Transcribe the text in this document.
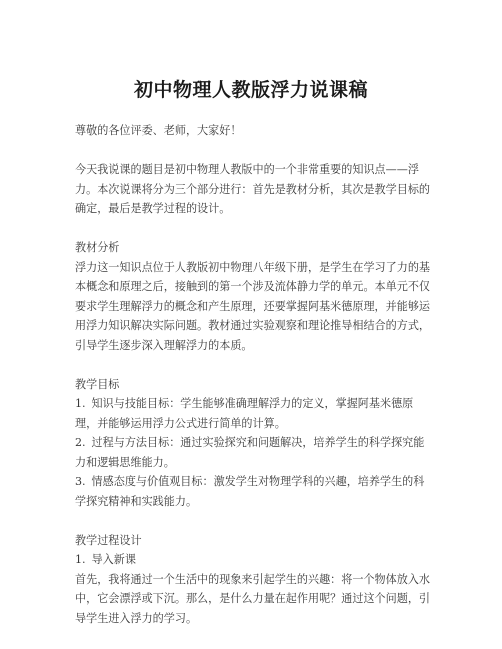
初中物理人教版浮力说课稿

尊敬的各位评委、老师，大家好！

今天我说课的题目是初中物理人教版中的一个非常重要的知识点——浮力。本次说课将分为三个部分进行：首先是教材分析，其次是教学目标的确定，最后是教学过程的设计。

教材分析

浮力这一知识点位于人教版初中物理八年级下册，是学生在学习了力的基本概念和原理之后，接触到的第一个涉及流体静力学的单元。本单元不仅要求学生理解浮力的概念和产生原理，还要掌握阿基米德原理，并能够运用浮力知识解决实际问题。教材通过实验观察和理论推导相结合的方式，引导学生逐步深入理解浮力的本质。

教学目标

1. 知识与技能目标：学生能够准确理解浮力的定义，掌握阿基米德原理，并能够运用浮力公式进行简单的计算。

2. 过程与方法目标：通过实验探究和问题解决，培养学生的科学探究能力和逻辑思维能力。

3. 情感态度与价值观目标：激发学生对物理学科的兴趣，培养学生的科学探究精神和实践能力。

教学过程设计

1. 导入新课

首先，我将通过一个生活中的现象来引起学生的兴趣：将一个物体放入水中，它会漂浮或下沉。那么，是什么力量在起作用呢？通过这个问题，引导学生进入浮力的学习。
